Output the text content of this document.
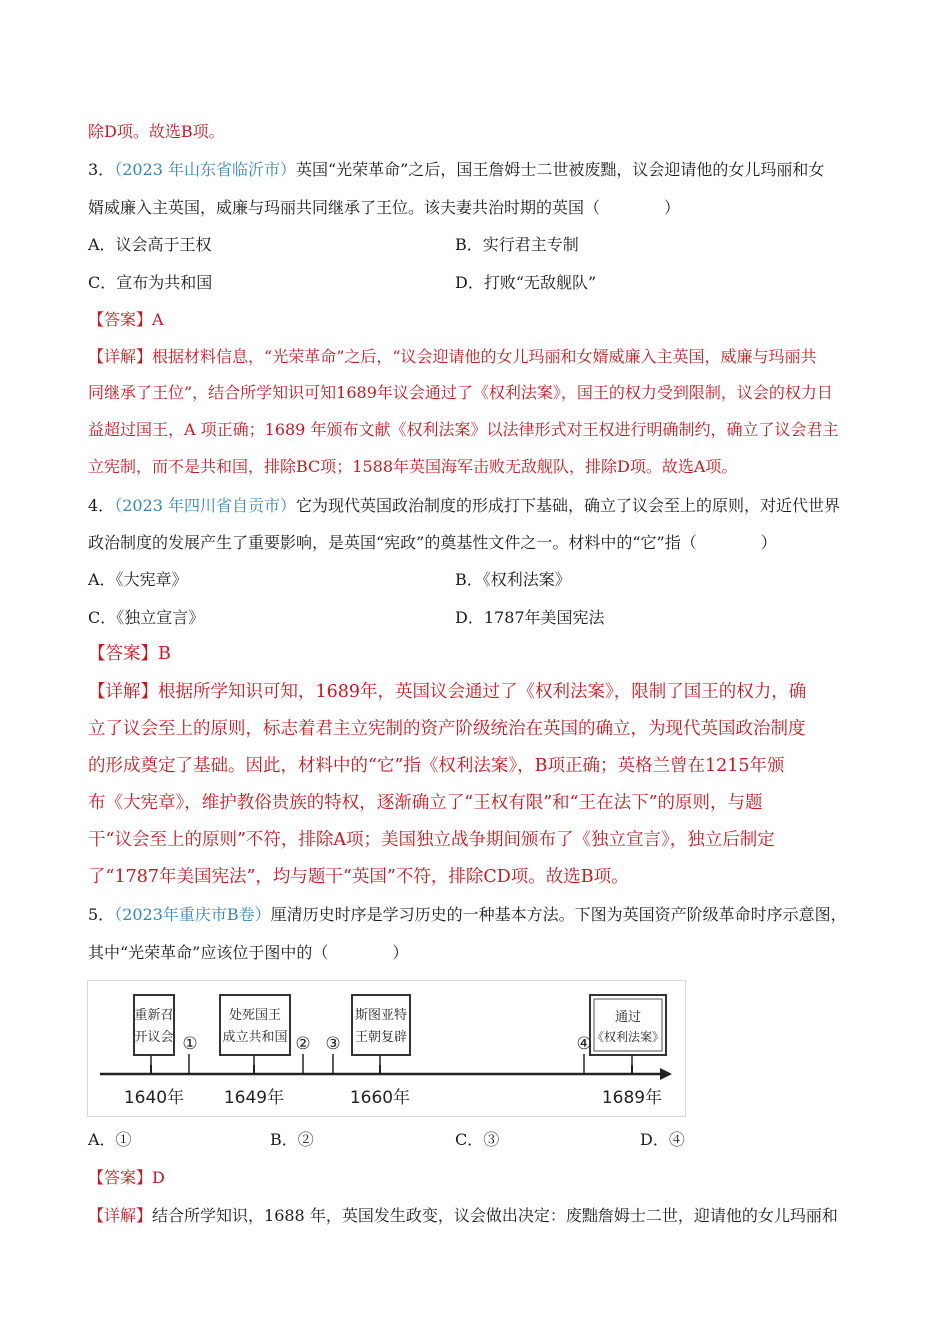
除D项。故选B项。
3．（2023 年山东省临沂市）英国“光荣革命”之后，国王詹姆士二世被废黜，议会迎请他的女儿玛丽和女
婿威廉入主英国，威廉与玛丽共同继承了王位。该夫妻共治时期的英国（　　　　）
A．议会高于王权	B．实行君主专制
C．宣布为共和国	D．打败“无敌舰队”
【答案】A
【详解】根据材料信息，“光荣革命”之后，“议会迎请他的女儿玛丽和女婿威廉入主英国，威廉与玛丽共
同继承了王位”，结合所学知识可知1689年议会通过了《权利法案》，国王的权力受到限制，议会的权力日
益超过国王，A 项正确；1689 年颁布文献《权利法案》以法律形式对王权进行明确制约，确立了议会君主
立宪制，而不是共和国，排除BC项；1588年英国海军击败无敌舰队，排除D项。故选A项。
4．（2023 年四川省自贡市）它为现代英国政治制度的形成打下基础，确立了议会至上的原则，对近代世界
政治制度的发展产生了重要影响，是英国“宪政”的奠基性文件之一。材料中的“它”指（　　　　）
A．《大宪章》	B．《权利法案》
C．《独立宣言》	D．1787年美国宪法
【答案】B
【详解】根据所学知识可知，1689年，英国议会通过了《权利法案》，限制了国王的权力，确
立了议会至上的原则，标志着君主立宪制的资产阶级统治在英国的确立，为现代英国政治制度
的形成奠定了基础。因此，材料中的“它”指《权利法案》，B项正确；英格兰曾在1215年颁
布《大宪章》，维护教俗贵族的特权，逐渐确立了“王权有限”和“王在法下”的原则，与题
干“议会至上的原则”不符，排除A项；美国独立战争期间颁布了《独立宣言》，独立后制定
了“1787年美国宪法”，均与题干“英国”不符，排除CD项。故选B项。
5．（2023年重庆市B卷）厘清历史时序是学习历史的一种基本方法。下图为英国资产阶级革命时序示意图，
其中“光荣革命”应该位于图中的（　　　　）
重新召
开议会
处死国王
成立共和国
斯图亚特
王朝复辟
通过
《权利法案》
①	② ③	④
1640年 1649年	1660年	1689年
A．①	B．②	C．③	D．④
【答案】D
【详解】结合所学知识，1688 年，英国发生政变，议会做出决定：废黜詹姆士二世，迎请他的女儿玛丽和
